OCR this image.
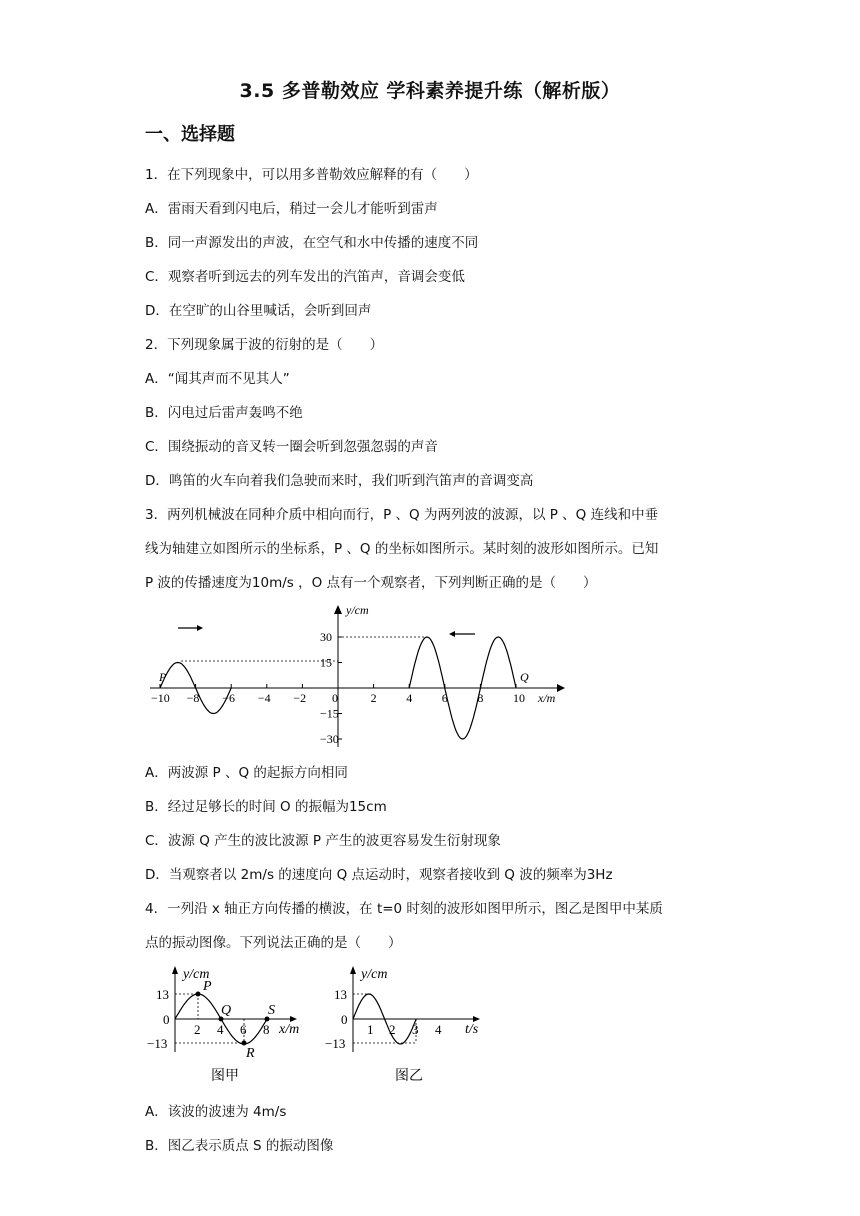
3.5 多普勒效应 学科素养提升练（解析版）
一、选择题
1．在下列现象中，可以用多普勒效应解释的有（　　）
A．雷雨天看到闪电后，稍过一会儿才能听到雷声
B．同一声源发出的声波，在空气和水中传播的速度不同
C．观察者听到远去的列车发出的汽笛声，音调会变低
D．在空旷的山谷里喊话，会听到回声
2．下列现象属于波的衍射的是（　　）
A．“闻其声而不见其人”
B．闪电过后雷声轰鸣不绝
C．围绕振动的音叉转一圈会听到忽强忽弱的声音
D．鸣笛的火车向着我们急驶而来时，我们听到汽笛声的音调变高
3．两列机械波在同种介质中相向而行，P 、Q 为两列波的波源，以 P 、Q 连线和中垂
线为轴建立如图所示的坐标系，P 、Q 的坐标如图所示。某时刻的波形如图所示。已知
P 波的传播速度为10m/s ，O 点有一个观察者，下列判断正确的是（　　）
y/cm
x/m
0
−10 −8 −6 −4 −2	2 4 6 8 10
30
15
−15
−30
P	Q
A．两波源 P 、Q 的起振方向相同
B．经过足够长的时间 O 的振幅为15cm
C．波源 Q 产生的波比波源 P 产生的波更容易发生衍射现象
D．当观察者以 2m/s 的速度向 Q 点运动时，观察者接收到 Q 波的频率为3Hz
4．一列沿 x 轴正方向传播的横波，在 t=0 时刻的波形如图甲所示，图乙是图甲中某质
点的振动图像。下列说法正确的是（　　）
y/cm
x/m
13
0
−13
2 4 6 8
P
Q
R
S
图甲
y/cm
t/s
13
0
−13
1 2 3 4
图乙
A．该波的波速为 4m/s
B．图乙表示质点 S 的振动图像
